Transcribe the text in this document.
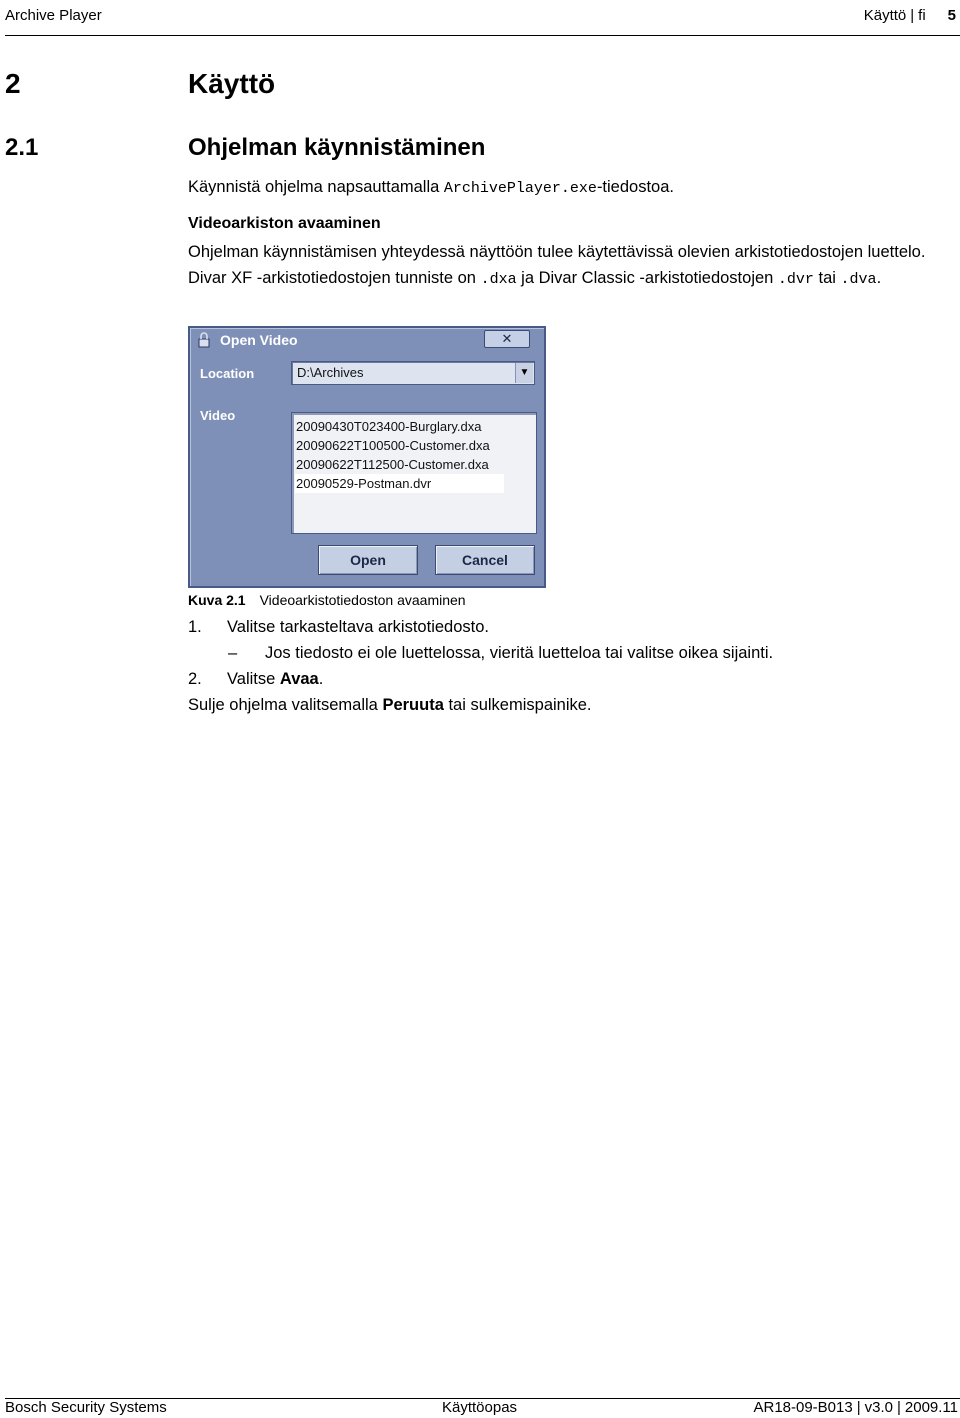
Archive Player	Käyttö | fi 5
2	Käyttö
2.1	Ohjelman käynnistäminen
Käynnistä ohjelma napsauttamalla ArchivePlayer.exe-tiedostoa.
Videoarkiston avaaminen
Ohjelman käynnistämisen yhteydessä näyttöön tulee käytettävissä olevien arkistotiedostojen luettelo. Divar XF -arkistotiedostojen tunniste on .dxa ja Divar Classic -arkistotiedostojen .dvr tai .dva.
Open Video	✕
Location	D:\Archives	▼
Video
20090430T023400-Burglary.dxa
20090622T100500-Customer.dxa
20090622T112500-Customer.dxa
20090529-Postman.dvr
Open	Cancel
Kuva 2.1 Videoarkistotiedoston avaaminen
1. Valitse tarkasteltava arkistotiedosto.
– Jos tiedosto ei ole luettelossa, vieritä luetteloa tai valitse oikea sijainti.
2. Valitse Avaa.
Sulje ohjelma valitsemalla Peruuta tai sulkemispainike.
Bosch Security Systems	Käyttöopas	AR18-09-B013 | v3.0 | 2009.11
